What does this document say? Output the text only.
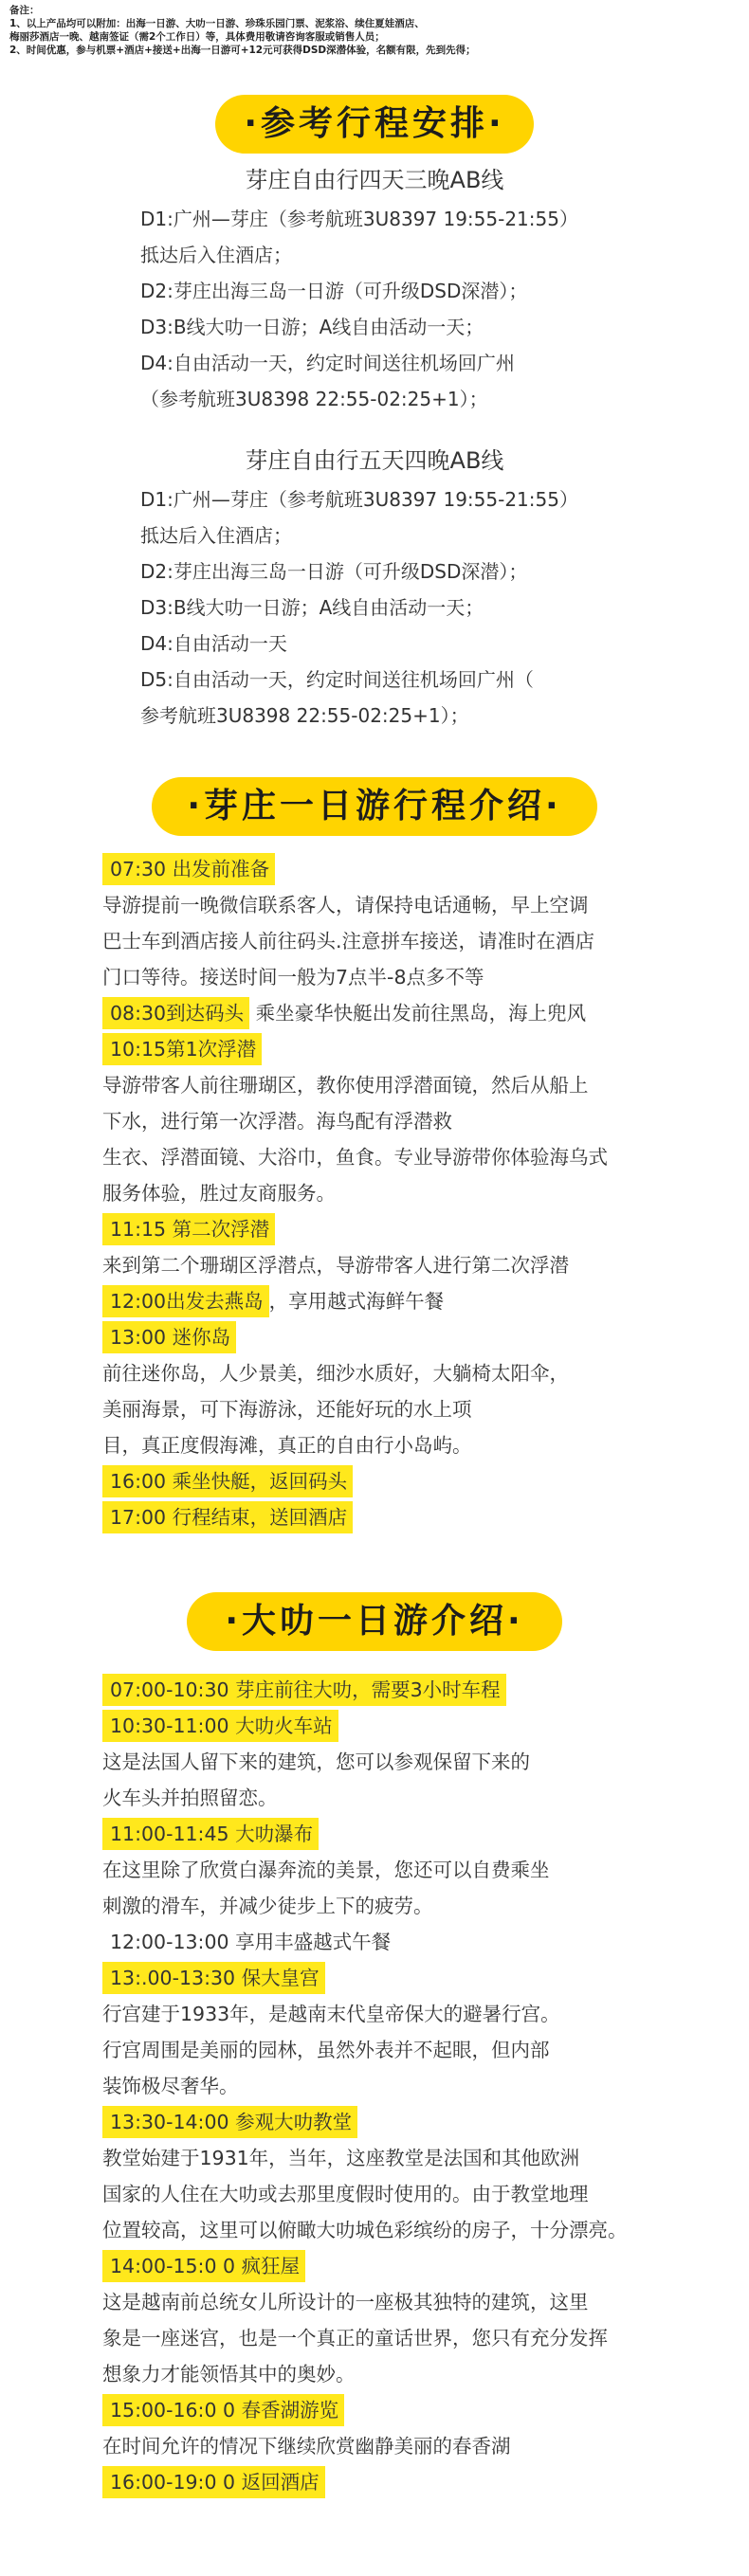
备注：
1、以上产品均可以附加：出海一日游、大叻一日游、珍珠乐园门票、泥浆浴、续住夏娃酒店、
梅丽莎酒店一晚、越南签证（需2个工作日）等，具体费用敬请咨询客服或销售人员；
2、时间优惠，参与机票+酒店+接送+出海一日游可+12元可获得DSD深潜体验，名额有限，先到先得；
·参考行程安排·
芽庄自由行四天三晚AB线
D1:广州—芽庄（参考航班3U8397 19:55-21:55）
抵达后入住酒店；
D2:芽庄出海三岛一日游（可升级DSD深潜）；
D3:B线大叻一日游；A线自由活动一天；
D4:自由活动一天，约定时间送往机场回广州
（参考航班3U8398 22:55-02:25+1）；
芽庄自由行五天四晚AB线
D1:广州—芽庄（参考航班3U8397 19:55-21:55）
抵达后入住酒店；
D2:芽庄出海三岛一日游（可升级DSD深潜）；
D3:B线大叻一日游；A线自由活动一天；
D4:自由活动一天
D5:自由活动一天，约定时间送往机场回广州（
参考航班3U8398 22:55-02:25+1）；
·芽庄一日游行程介绍·
07:30 出发前准备
导游提前一晚微信联系客人，请保持电话通畅，早上空调
巴士车到酒店接人前往码头.注意拼车接送，请准时在酒店
门口等待。接送时间一般为7点半-8点多不等
08:30到达码头 乘坐豪华快艇出发前往黑岛，海上兜风
10:15第1次浮潜
导游带客人前往珊瑚区，教你使用浮潜面镜，然后从船上
下水，进行第一次浮潜。海鸟配有浮潜救
生衣、浮潜面镜、大浴巾，鱼食。专业导游带你体验海乌式
服务体验，胜过友商服务。
11:15 第二次浮潜
来到第二个珊瑚区浮潜点，导游带客人进行第二次浮潜
12:00出发去燕岛 ，享用越式海鲜午餐
13:00 迷你岛
前往迷你岛，人少景美，细沙水质好，大躺椅太阳伞，
美丽海景，可下海游泳，还能好玩的水上项
目，真正度假海滩，真正的自由行小岛屿。
16:00 乘坐快艇，返回码头
17:00 行程结束，送回酒店
·大叻一日游介绍·
07:00-10:30 芽庄前往大叻，需要3小时车程
10:30-11:00 大叻火车站
这是法国人留下来的建筑，您可以参观保留下来的
火车头并拍照留恋。
11:00-11:45 大叻瀑布
在这里除了欣赏白瀑奔流的美景，您还可以自费乘坐
刺激的滑车，并减少徒步上下的疲劳。
12:00-13:00 享用丰盛越式午餐
13:.00-13:30 保大皇宫
行宫建于1933年，是越南末代皇帝保大的避暑行宫。
行宫周围是美丽的园林，虽然外表并不起眼，但内部
装饰极尽奢华。
13:30-14:00 参观大叻教堂
教堂始建于1931年，当年，这座教堂是法国和其他欧洲
国家的人住在大叻或去那里度假时使用的。由于教堂地理
位置较高，这里可以俯瞰大叻城色彩缤纷的房子，十分漂亮。
14:00-15:0 0 疯狂屋
这是越南前总统女儿所设计的一座极其独特的建筑，这里
象是一座迷宫，也是一个真正的童话世界，您只有充分发挥
想象力才能领悟其中的奥妙。
15:00-16:0 0 春香湖游览
在时间允许的情况下继续欣赏幽静美丽的春香湖
16:00-19:0 0 返回酒店
